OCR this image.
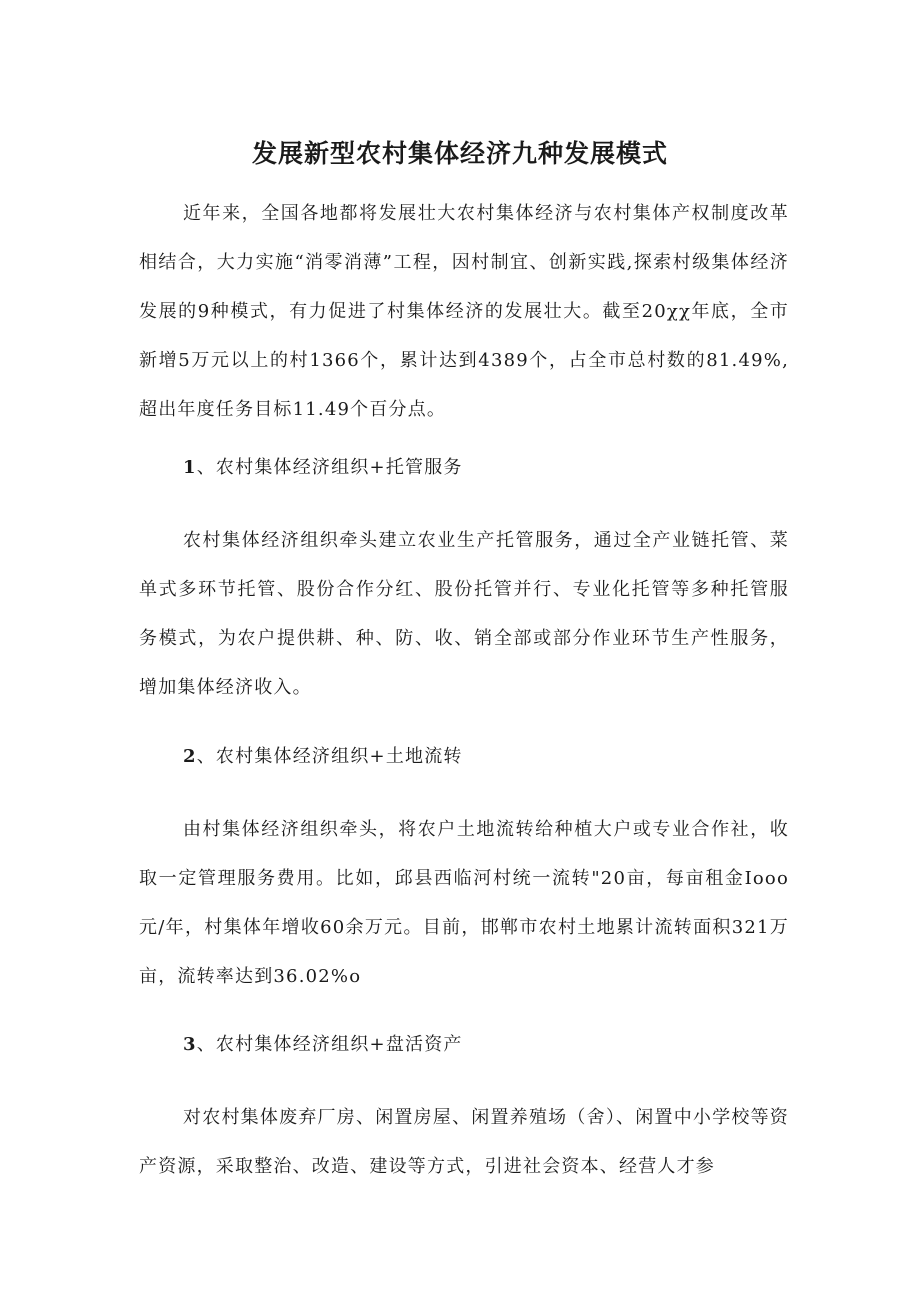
发展新型农村集体经济九种发展模式

近年来，全国各地都将发展壮大农村集体经济与农村集体产权制度改革相结合，大力实施“消零消薄”工程，因村制宜、创新实践,探索村级集体经济发展的9种模式，有力促进了村集体经济的发展壮大。截至20χχ年底，全市新增5万元以上的村1366个，累计达到4389个，占全市总村数的81.49%,超出年度任务目标11.49个百分点。

1、农村集体经济组织+托管服务

农村集体经济组织牵头建立农业生产托管服务，通过全产业链托管、菜单式多环节托管、股份合作分红、股份托管并行、专业化托管等多种托管服务模式，为农户提供耕、种、防、收、销全部或部分作业环节生产性服务，增加集体经济收入。

2、农村集体经济组织+土地流转

由村集体经济组织牵头，将农户土地流转给种植大户或专业合作社，收取一定管理服务费用。比如，邱县西临河村统一流转"20亩，每亩租金Iooo元/年，村集体年增收60余万元。目前，邯郸市农村土地累计流转面积321万亩，流转率达到36.02%o

3、农村集体经济组织+盘活资产

对农村集体废弃厂房、闲置房屋、闲置养殖场（舍）、闲置中小学校等资产资源，采取整治、改造、建设等方式，引进社会资本、经营人才参
